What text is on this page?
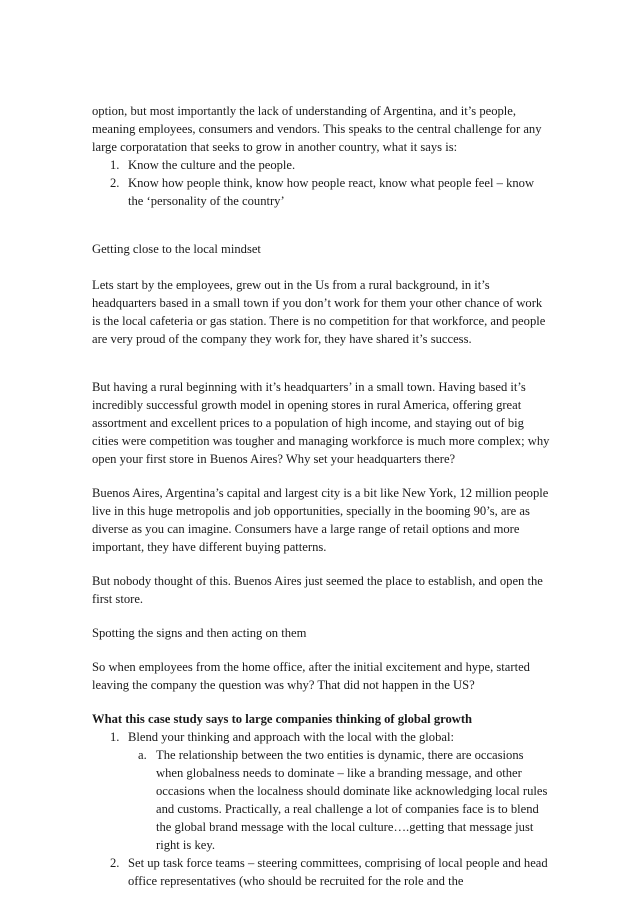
option, but most importantly the lack of understanding of Argentina, and it’s people, meaning employees, consumers and vendors. This speaks to the central challenge for any large corporatation that seeks to grow in another country, what it says is:

1. Know the culture and the people.
2. Know how people think, know how people react, know what people feel – know the ‘personality of the country’

Getting close to the local mindset

Lets start by the employees, grew out in the Us from a rural background, in it’s headquarters based in a small town if you don’t work for them your other chance of work is the local cafeteria or gas station. There is no competition for that workforce, and people are very proud of the company they work for, they have shared it’s success.

But having a rural beginning with it’s headquarters’ in a small town. Having based it’s incredibly successful growth model in opening stores in rural America, offering great assortment and excellent prices to a population of high income, and staying out of big cities were competition was tougher and managing workforce is much more complex; why open your first store in Buenos Aires? Why set your headquarters there?

Buenos Aires, Argentina’s capital and largest city is a bit like New York, 12 million people live in this huge metropolis and job opportunities, specially in the booming 90’s, are as diverse as you can imagine. Consumers have a large range of retail options and more important, they have different buying patterns.

But nobody thought of this. Buenos Aires just seemed the place to establish, and open the first store.

Spotting the signs and then acting on them

So when employees from the home office, after the initial excitement and hype, started leaving the company the question was why? That did not happen in the US?

What this case study says to large companies thinking of global growth

1. Blend your thinking and approach with the local with the global:
a. The relationship between the two entities is dynamic, there are occasions when globalness needs to dominate – like a branding message, and other occasions when the localness should dominate like acknowledging local rules and customs. Practically, a real challenge a lot of companies face is to blend the global brand message with the local culture….getting that message just right is key.
2. Set up task force teams – steering committees, comprising of local people and head office representatives (who should be recruited for the role and the
